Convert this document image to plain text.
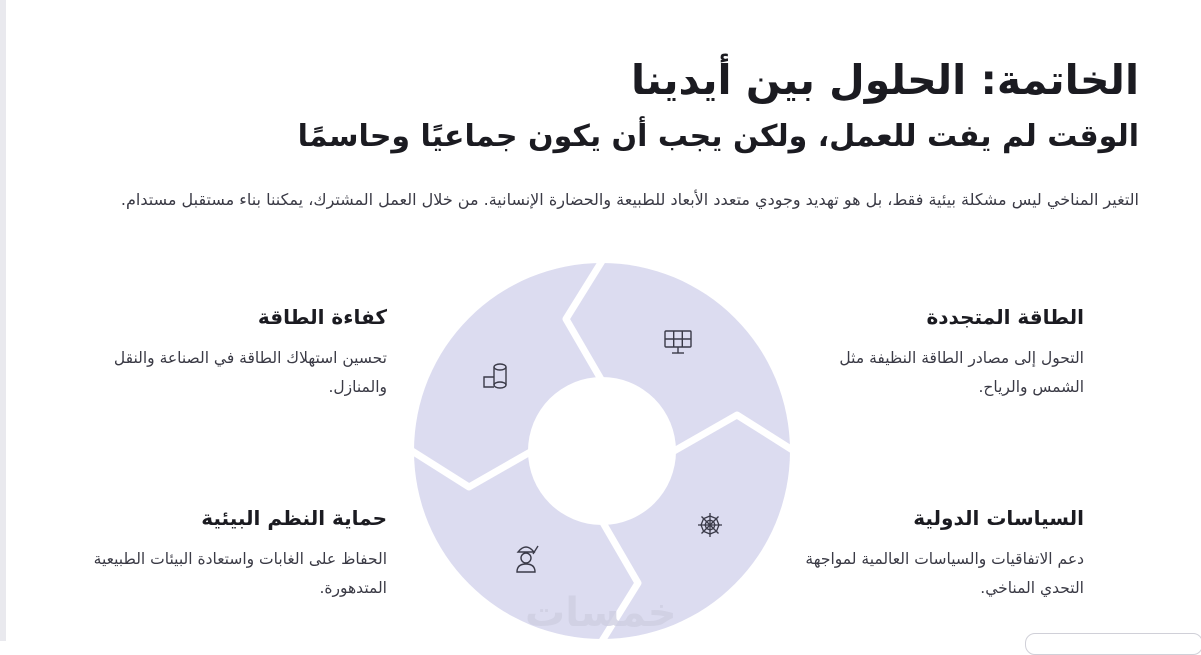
الخاتمة: الحلول بين أيدينا
الوقت لم يفت للعمل، ولكن يجب أن يكون جماعيًا وحاسمًا

التغير المناخي ليس مشكلة بيئية فقط، بل هو تهديد وجودي متعدد الأبعاد للطبيعة والحضارة الإنسانية. من خلال العمل المشترك، يمكننا بناء مستقبل مستدام.

الطاقة المتجددة

التحول إلى مصادر الطاقة النظيفة مثل الشمس والرياح.

كفاءة الطاقة

تحسين استهلاك الطاقة في الصناعة والنقل والمنازل.

السياسات الدولية

دعم الاتفاقيات والسياسات العالمية لمواجهة التحدي المناخي.

حماية النظم البيئية

الحفاظ على الغابات واستعادة البيئات الطبيعية المتدهورة.

خمسات
